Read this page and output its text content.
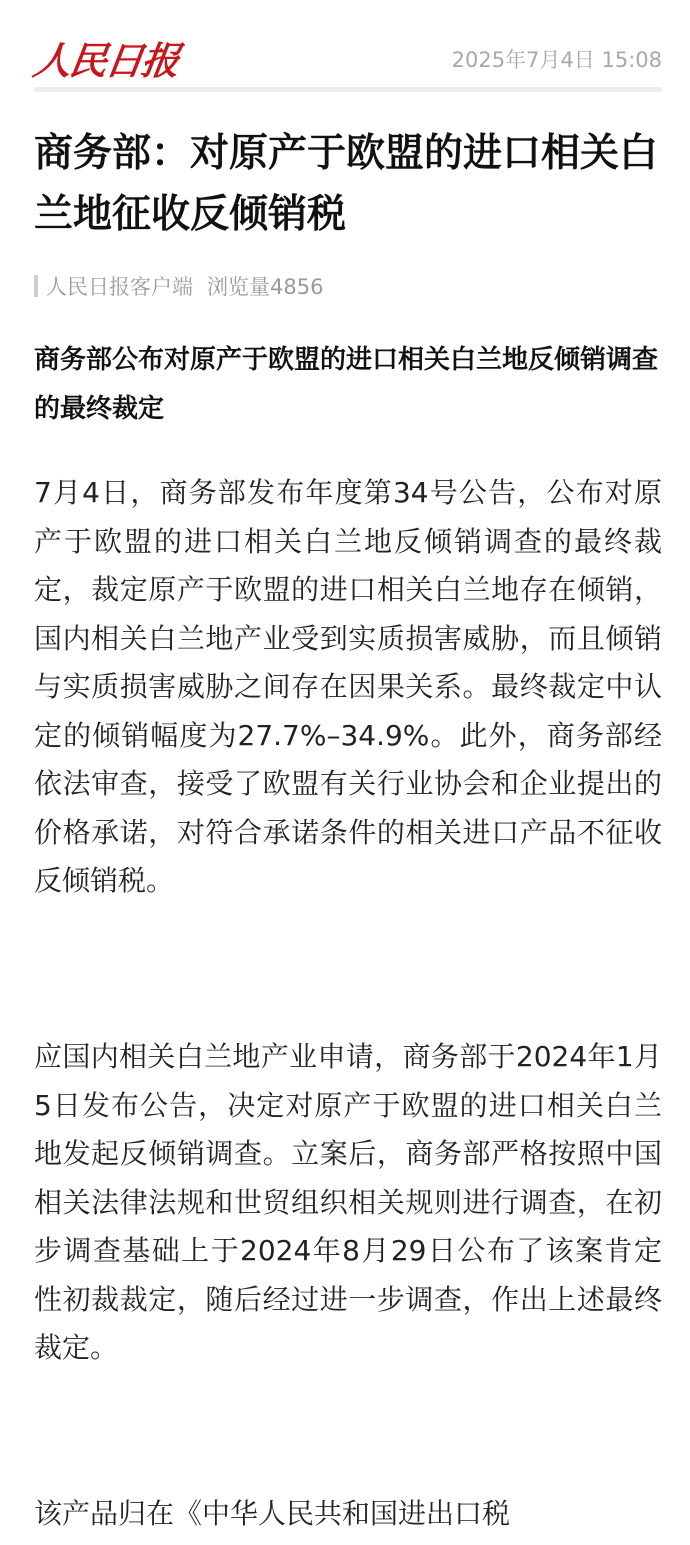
人民日报	2025年7月4日 15:08
商务部：对原产于欧盟的进口相关白兰地征收反倾销税
人民日报客户端 浏览量4856
商务部公布对原产于欧盟的进口相关白兰地反倾销调查的最终裁定

7月4日，商务部发布年度第34号公告，公布对原产于欧盟的进口相关白兰地反倾销调查的最终裁定，裁定原产于欧盟的进口相关白兰地存在倾销，国内相关白兰地产业受到实质损害威胁，而且倾销与实质损害威胁之间存在因果关系。最终裁定中认定的倾销幅度为27.7%–34.9%。此外，商务部经依法审查，接受了欧盟有关行业协会和企业提出的价格承诺，对符合承诺条件的相关进口产品不征收反倾销税。

应国内相关白兰地产业申请，商务部于2024年1月5日发布公告，决定对原产于欧盟的进口相关白兰地发起反倾销调查。立案后，商务部严格按照中国相关法律法规和世贸组织相关规则进行调查，在初步调查基础上于2024年8月29日公布了该案肯定性初裁裁定，随后经过进一步调查，作出上述最终裁定。

该产品归在《中华人民共和国进出口税
